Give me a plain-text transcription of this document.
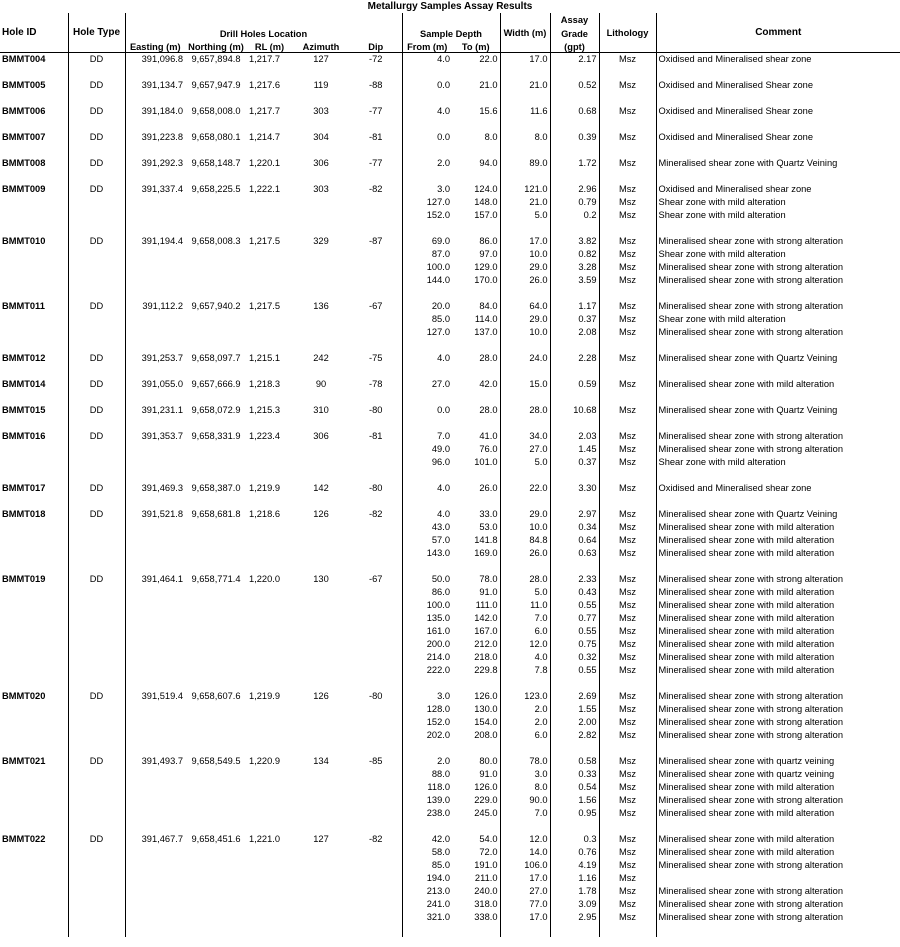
Metallurgy Samples Assay Results
Hole ID	Hole Type								Width (m)	Assay	Lithology	Comment
		Drill Holes Location					Sample Depth			Grade		
		Easting (m)	Northing (m)	RL (m)	Azimuth	Dip	From (m)	To (m)		(gpt)		
BMMT004	DD	391,096.8	9,657,894.8	1,217.7	127	-72	4.0	22.0	17.0	2.17	Msz	Oxidised and Mineralised shear zone

BMMT005	DD	391,134.7	9,657,947.9	1,217.6	119	-88	0.0	21.0	21.0	0.52	Msz	Oxidised and Mineralised Shear zone

BMMT006	DD	391,184.0	9,658,008.0	1,217.7	303	-77	4.0	15.6	11.6	0.68	Msz	Oxidised and Mineralised Shear zone

BMMT007	DD	391,223.8	9,658,080.1	1,214.7	304	-81	0.0	8.0	8.0	0.39	Msz	Oxidised and Mineralised Shear zone

BMMT008	DD	391,292.3	9,658,148.7	1,220.1	306	-77	2.0	94.0	89.0	1.72	Msz	Mineralised shear zone with Quartz Veining

BMMT009	DD	391,337.4	9,658,225.5	1,222.1	303	-82	3.0	124.0	121.0	2.96	Msz	Oxidised and Mineralised shear zone
							127.0	148.0	21.0	0.79	Msz	Shear zone with mild alteration
							152.0	157.0	5.0	0.2	Msz	Shear zone with mild alteration

BMMT010	DD	391,194.4	9,658,008.3	1,217.5	329	-87	69.0	86.0	17.0	3.82	Msz	Mineralised shear zone with strong alteration
							87.0	97.0	10.0	0.82	Msz	Shear zone with mild alteration
							100.0	129.0	29.0	3.28	Msz	Mineralised shear zone with strong alteration
							144.0	170.0	26.0	3.59	Msz	Mineralised shear zone with strong alteration

BMMT011	DD	391,112.2	9,657,940.2	1,217.5	136	-67	20.0	84.0	64.0	1.17	Msz	Mineralised shear zone with strong alteration
							85.0	114.0	29.0	0.37	Msz	Shear zone with mild alteration
							127.0	137.0	10.0	2.08	Msz	Mineralised shear zone with strong alteration

BMMT012	DD	391,253.7	9,658,097.7	1,215.1	242	-75	4.0	28.0	24.0	2.28	Msz	Mineralised shear zone with Quartz Veining

BMMT014	DD	391,055.0	9,657,666.9	1,218.3	90	-78	27.0	42.0	15.0	0.59	Msz	Mineralised shear zone with mild alteration

BMMT015	DD	391,231.1	9,658,072.9	1,215.3	310	-80	0.0	28.0	28.0	10.68	Msz	Mineralised shear zone with Quartz Veining

BMMT016	DD	391,353.7	9,658,331.9	1,223.4	306	-81	7.0	41.0	34.0	2.03	Msz	Mineralised shear zone with strong alteration
							49.0	76.0	27.0	1.45	Msz	Mineralised shear zone with strong alteration
							96.0	101.0	5.0	0.37	Msz	Shear zone with mild alteration

BMMT017	DD	391,469.3	9,658,387.0	1,219.9	142	-80	4.0	26.0	22.0	3.30	Msz	Oxidised and Mineralised shear zone

BMMT018	DD	391,521.8	9,658,681.8	1,218.6	126	-82	4.0	33.0	29.0	2.97	Msz	Mineralised shear zone with Quartz Veining
							43.0	53.0	10.0	0.34	Msz	Mineralised shear zone with mild alteration
							57.0	141.8	84.8	0.64	Msz	Mineralised shear zone with mild alteration
							143.0	169.0	26.0	0.63	Msz	Mineralised shear zone with mild alteration

BMMT019	DD	391,464.1	9,658,771.4	1,220.0	130	-67	50.0	78.0	28.0	2.33	Msz	Mineralised shear zone with strong alteration
							86.0	91.0	5.0	0.43	Msz	Mineralised shear zone with mild alteration
							100.0	111.0	11.0	0.55	Msz	Mineralised shear zone with mild alteration
							135.0	142.0	7.0	0.77	Msz	Mineralised shear zone with mild alteration
							161.0	167.0	6.0	0.55	Msz	Mineralised shear zone with mild alteration
							200.0	212.0	12.0	0.75	Msz	Mineralised shear zone with mild alteration
							214.0	218.0	4.0	0.32	Msz	Mineralised shear zone with mild alteration
							222.0	229.8	7.8	0.55	Msz	Mineralised shear zone with mild alteration

BMMT020	DD	391,519.4	9,658,607.6	1,219.9	126	-80	3.0	126.0	123.0	2.69	Msz	Mineralised shear zone with strong alteration
							128.0	130.0	2.0	1.55	Msz	Mineralised shear zone with strong alteration
							152.0	154.0	2.0	2.00	Msz	Mineralised shear zone with strong alteration
							202.0	208.0	6.0	2.82	Msz	Mineralised shear zone with strong alteration

BMMT021	DD	391,493.7	9,658,549.5	1,220.9	134	-85	2.0	80.0	78.0	0.58	Msz	Mineralised shear zone with quartz veining
							88.0	91.0	3.0	0.33	Msz	Mineralised shear zone with quartz veining
							118.0	126.0	8.0	0.54	Msz	Mineralised shear zone with mild alteration
							139.0	229.0	90.0	1.56	Msz	Mineralised shear zone with strong alteration
							238.0	245.0	7.0	0.95	Msz	Mineralised shear zone with mild alteration

BMMT022	DD	391,467.7	9,658,451.6	1,221.0	127	-82	42.0	54.0	12.0	0.3	Msz	Mineralised shear zone with mild alteration
							58.0	72.0	14.0	0.76	Msz	Mineralised shear zone with mild alteration
							85.0	191.0	106.0	4.19	Msz	Mineralised shear zone with strong alteration
							194.0	211.0	17.0	1.16	Msz	
							213.0	240.0	27.0	1.78	Msz	Mineralised shear zone with strong alteration
							241.0	318.0	77.0	3.09	Msz	Mineralised shear zone with strong alteration
							321.0	338.0	17.0	2.95	Msz	Mineralised shear zone with strong alteration
